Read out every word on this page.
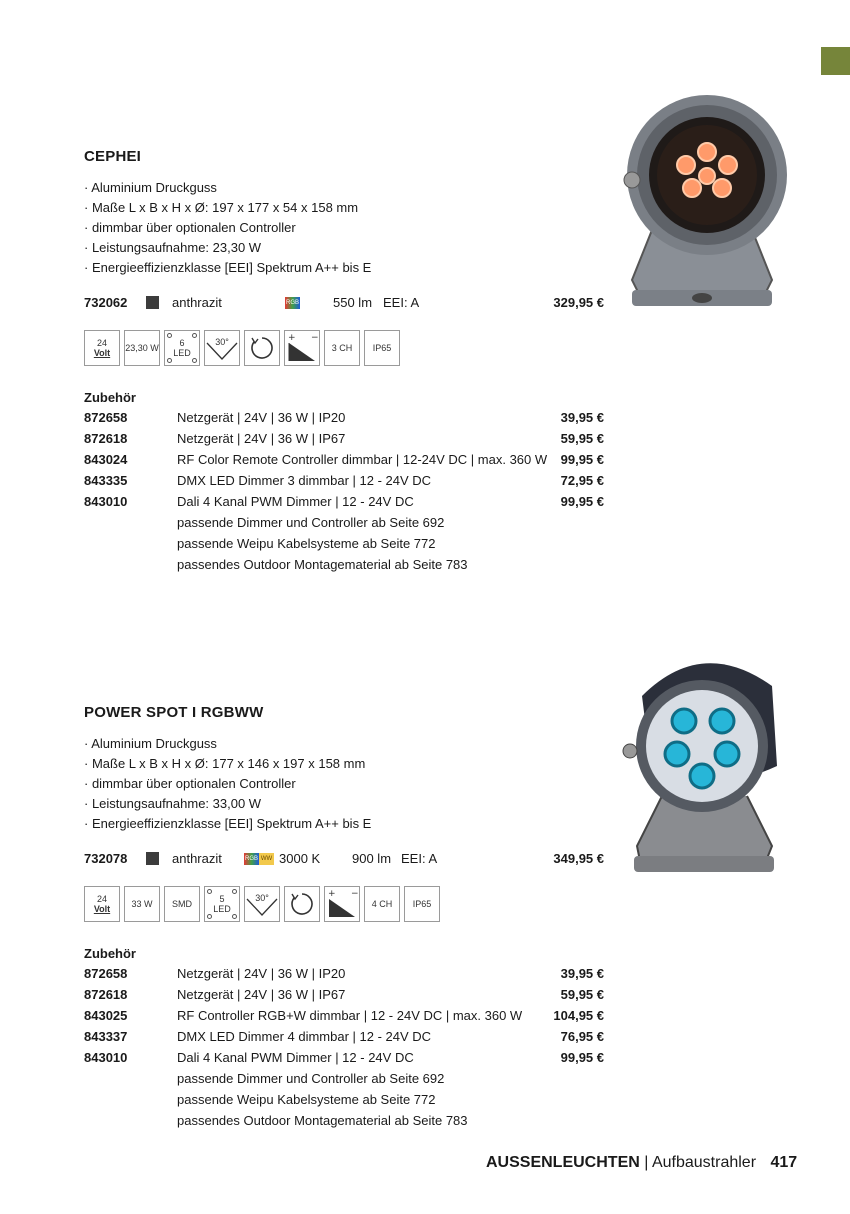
CEPHEI
· Aluminium Druckguss
· Maße L x B x H x Ø: 197 x 177 x 54 x 158 mm
· dimmbar über optionalen Controller
· Leistungsaufnahme: 23,30 W
· Energieeffizienzklasse [EEI] Spektrum A++ bis E
732062	anthrazit	RGB	550 lm EEI: A	329,95 €
24
Volt 23,30 W	6
LED
30°	+ −
3 CH	IP65
Zubehör
872658	Netzgerät | 24V | 36 W | IP20	39,95 €
872618	Netzgerät | 24V | 36 W | IP67	59,95 €
843024	RF Color Remote Controller dimmbar | 12-24V DC | max. 360 W 99,95 €
843335	DMX LED Dimmer 3 dimmbar | 12 - 24V DC	72,95 €
843010	Dali 4 Kanal PWM Dimmer | 12 - 24V DC	99,95 €
passende Dimmer und Controller ab Seite 692
passende Weipu Kabelsysteme ab Seite 772
passendes Outdoor Montagematerial ab Seite 783
POWER SPOT I RGBWW
· Aluminium Druckguss
· Maße L x B x H x Ø: 177 x 146 x 197 x 158 mm
· dimmbar über optionalen Controller
· Leistungsaufnahme: 33,00 W
· Energieeffizienzklasse [EEI] Spektrum A++ bis E
732078	anthrazit	RGB WW 3000 K 900 lm EEI: A	349,95 €
24
Volt	33 W	SMD	5
LED
30°	+ −
4 CH	IP65
Zubehör
872658	Netzgerät | 24V | 36 W | IP20	39,95 €
872618	Netzgerät | 24V | 36 W | IP67	59,95 €
843025	RF Controller RGB+W dimmbar | 12 - 24V DC | max. 360 W 104,95 €
843337	DMX LED Dimmer 4 dimmbar | 12 - 24V DC	76,95 €
843010	Dali 4 Kanal PWM Dimmer | 12 - 24V DC	99,95 €
passende Dimmer und Controller ab Seite 692
passende Weipu Kabelsysteme ab Seite 772
passendes Outdoor Montagematerial ab Seite 783
AUSSENLEUCHTEN | Aufbaustrahler 417
